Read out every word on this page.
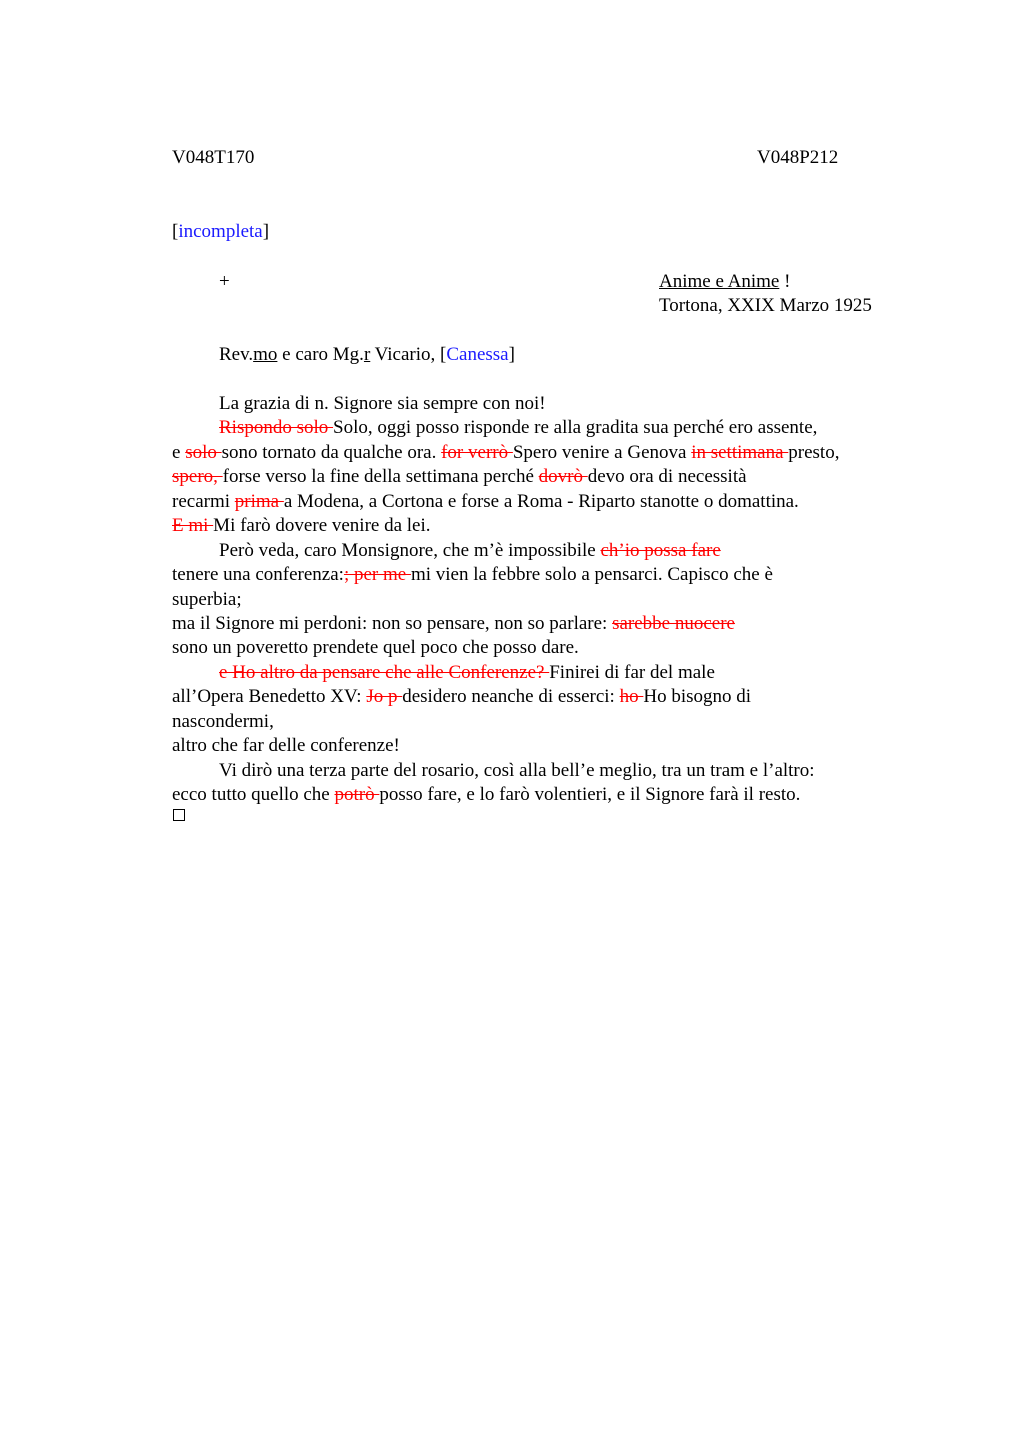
V048T170	V048P212
[incompleta]
+	Anime e Anime !
Tortona, XXIX Marzo 1925
Rev.mo e caro Mg.r Vicario, [Canessa]
La grazia di n. Signore sia sempre con noi!
Rispondo solo Solo, oggi posso risponde re alla gradita sua perché ero assente,
e solo sono tornato da qualche ora. for verrò Spero venire a Genova in settimana presto,
spero, forse verso la fine della settimana perché dovrò devo ora di necessità
recarmi prima a Modena, a Cortona e forse a Roma - Riparto stanotte o domattina.
E mi Mi farò dovere venire da lei.
Però veda, caro Monsignore, che m’è impossibile ch’io possa fare
tenere una conferenza:; per me mi vien la febbre solo a pensarci. Capisco che è
superbia;
ma il Signore mi perdoni: non so pensare, non so parlare: sarebbe nuocere
sono un poveretto prendete quel poco che posso dare.
e Ho altro da pensare che alle Conferenze? Finirei di far del male
all’Opera Benedetto XV: Jo p desidero neanche di esserci: ho Ho bisogno di
nascondermi,
altro che far delle conferenze!
Vi dirò una terza parte del rosario, così alla bell’e meglio, tra un tram e l’altro:
ecco tutto quello che potrò posso fare, e lo farò volentieri, e il Signore farà il resto.
